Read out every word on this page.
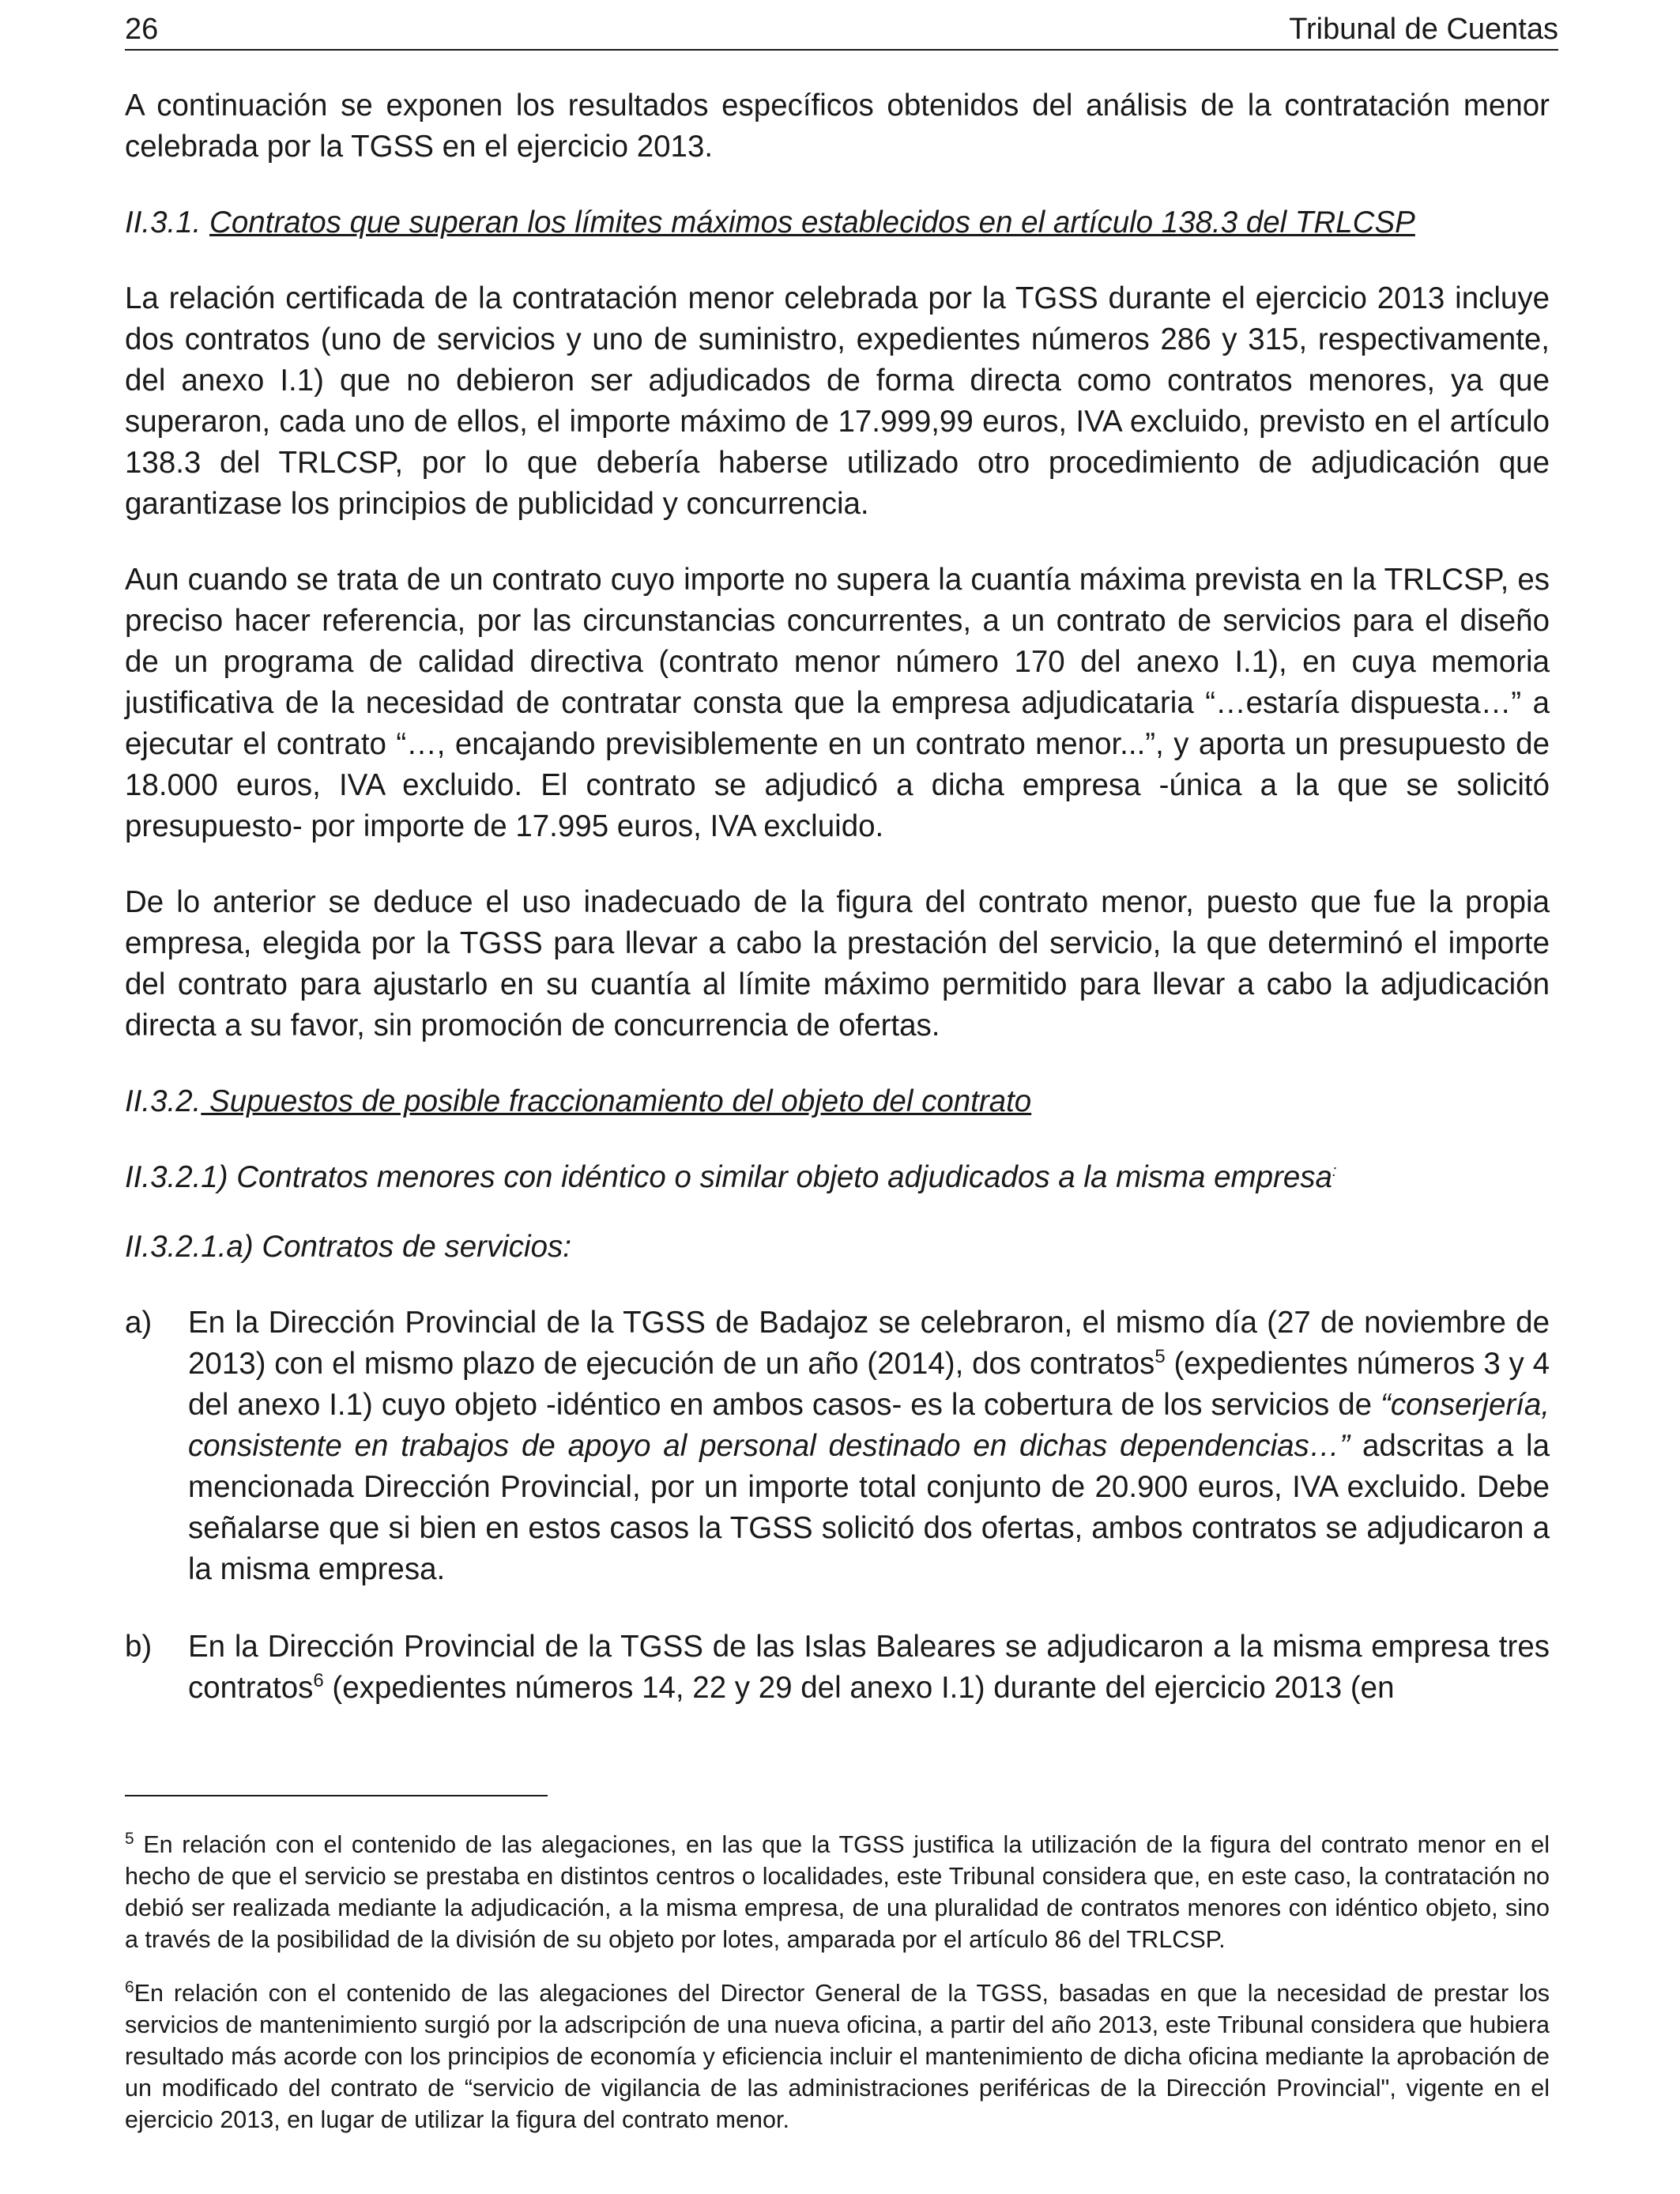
26	Tribunal de Cuentas

A continuación se exponen los resultados específicos obtenidos del análisis de la contratación menor celebrada por la TGSS en el ejercicio 2013.

II.3.1. Contratos que superan los límites máximos establecidos en el artículo 138.3 del TRLCSP

La relación certificada de la contratación menor celebrada por la TGSS durante el ejercicio 2013 incluye dos contratos (uno de servicios y uno de suministro, expedientes números 286 y 315, respectivamente, del anexo I.1) que no debieron ser adjudicados de forma directa como contratos menores, ya que superaron, cada uno de ellos, el importe máximo de 17.999,99 euros, IVA excluido, previsto en el artículo 138.3 del TRLCSP, por lo que debería haberse utilizado otro procedimiento de adjudicación que garantizase los principios de publicidad y concurrencia.

Aun cuando se trata de un contrato cuyo importe no supera la cuantía máxima prevista en la TRLCSP, es preciso hacer referencia, por las circunstancias concurrentes, a un contrato de servicios para el diseño de un programa de calidad directiva (contrato menor número 170 del anexo I.1), en cuya memoria justificativa de la necesidad de contratar consta que la empresa adjudicataria “…estaría dispuesta…” a ejecutar el contrato “…, encajando previsiblemente en un contrato menor...”, y aporta un presupuesto de 18.000 euros, IVA excluido. El contrato se adjudicó a dicha empresa -única a la que se solicitó presupuesto- por importe de 17.995 euros, IVA excluido.

De lo anterior se deduce el uso inadecuado de la figura del contrato menor, puesto que fue la propia empresa, elegida por la TGSS para llevar a cabo la prestación del servicio, la que determinó el importe del contrato para ajustarlo en su cuantía al límite máximo permitido para llevar a cabo la adjudicación directa a su favor, sin promoción de concurrencia de ofertas.

II.3.2. Supuestos de posible fraccionamiento del objeto del contrato

II.3.2.1) Contratos menores con idéntico o similar objeto adjudicados a la misma empresa:

II.3.2.1.a) Contratos de servicios:

a)	En la Dirección Provincial de la TGSS de Badajoz se celebraron, el mismo día (27 de noviembre de 2013) con el mismo plazo de ejecución de un año (2014), dos contratos$^5$ (expedientes números 3 y 4 del anexo I.1) cuyo objeto -idéntico en ambos casos- es la cobertura de los servicios de “conserjería, consistente en trabajos de apoyo al personal destinado en dichas dependencias…” adscritas a la mencionada Dirección Provincial, por un importe total conjunto de 20.900 euros, IVA excluido. Debe señalarse que si bien en estos casos la TGSS solicitó dos ofertas, ambos contratos se adjudicaron a la misma empresa.
b)	En la Dirección Provincial de la TGSS de las Islas Baleares se adjudicaron a la misma empresa tres contratos$^6$ (expedientes números 14, 22 y 29 del anexo I.1) durante del ejercicio 2013 (en

$^5$ En relación con el contenido de las alegaciones, en las que la TGSS justifica la utilización de la figura del contrato menor en el hecho de que el servicio se prestaba en distintos centros o localidades, este Tribunal considera que, en este caso, la contratación no debió ser realizada mediante la adjudicación, a la misma empresa, de una pluralidad de contratos menores con idéntico objeto, sino a través de la posibilidad de la división de su objeto por lotes, amparada por el artículo 86 del TRLCSP.

$^6$En relación con el contenido de las alegaciones del Director General de la TGSS, basadas en que la necesidad de prestar los servicios de mantenimiento surgió por la adscripción de una nueva oficina, a partir del año 2013, este Tribunal considera que hubiera resultado más acorde con los principios de economía y eficiencia incluir el mantenimiento de dicha oficina mediante la aprobación de un modificado del contrato de “servicio de vigilancia de las administraciones periféricas de la Dirección Provincial", vigente en el ejercicio 2013, en lugar de utilizar la figura del contrato menor.
